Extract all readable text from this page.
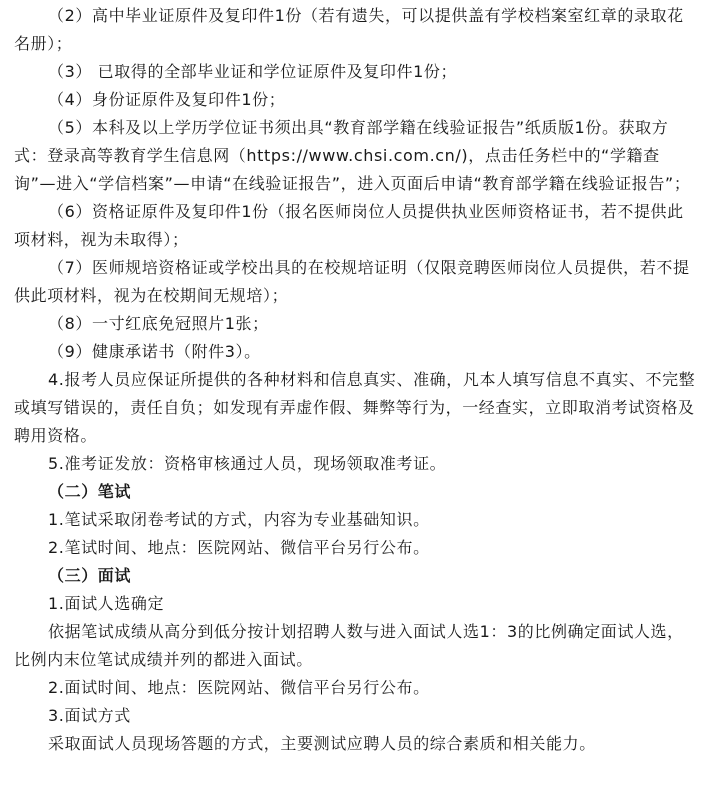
（2）高中毕业证原件及复印件1份（若有遗失，可以提供盖有学校档案室红章的录取花名册）；

（3） 已取得的全部毕业证和学位证原件及复印件1份；

（4）身份证原件及复印件1份；

（5）本科及以上学历学位证书须出具“教育部学籍在线验证报告”纸质版1份。获取方式：登录高等教育学生信息网（https://www.chsi.com.cn/)，点击任务栏中的“学籍查询”—进入“学信档案”—申请“在线验证报告”，进入页面后申请“教育部学籍在线验证报告”；

（6）资格证原件及复印件1份（报名医师岗位人员提供执业医师资格证书，若不提供此项材料，视为未取得）；

（7）医师规培资格证或学校出具的在校规培证明（仅限竞聘医师岗位人员提供，若不提供此项材料，视为在校期间无规培）；

（8）一寸红底免冠照片1张；

（9）健康承诺书（附件3）。

4.报考人员应保证所提供的各种材料和信息真实、准确，凡本人填写信息不真实、不完整或填写错误的，责任自负；如发现有弄虚作假、舞弊等行为，一经查实，立即取消考试资格及聘用资格。

5.准考证发放：资格审核通过人员，现场领取准考证。

（二）笔试

1.笔试采取闭卷考试的方式，内容为专业基础知识。

2.笔试时间、地点：医院网站、微信平台另行公布。

（三）面试

1.面试人选确定

依据笔试成绩从高分到低分按计划招聘人数与进入面试人选1：3的比例确定面试人选，比例内末位笔试成绩并列的都进入面试。

2.面试时间、地点：医院网站、微信平台另行公布。

3.面试方式

采取面试人员现场答题的方式，主要测试应聘人员的综合素质和相关能力。
